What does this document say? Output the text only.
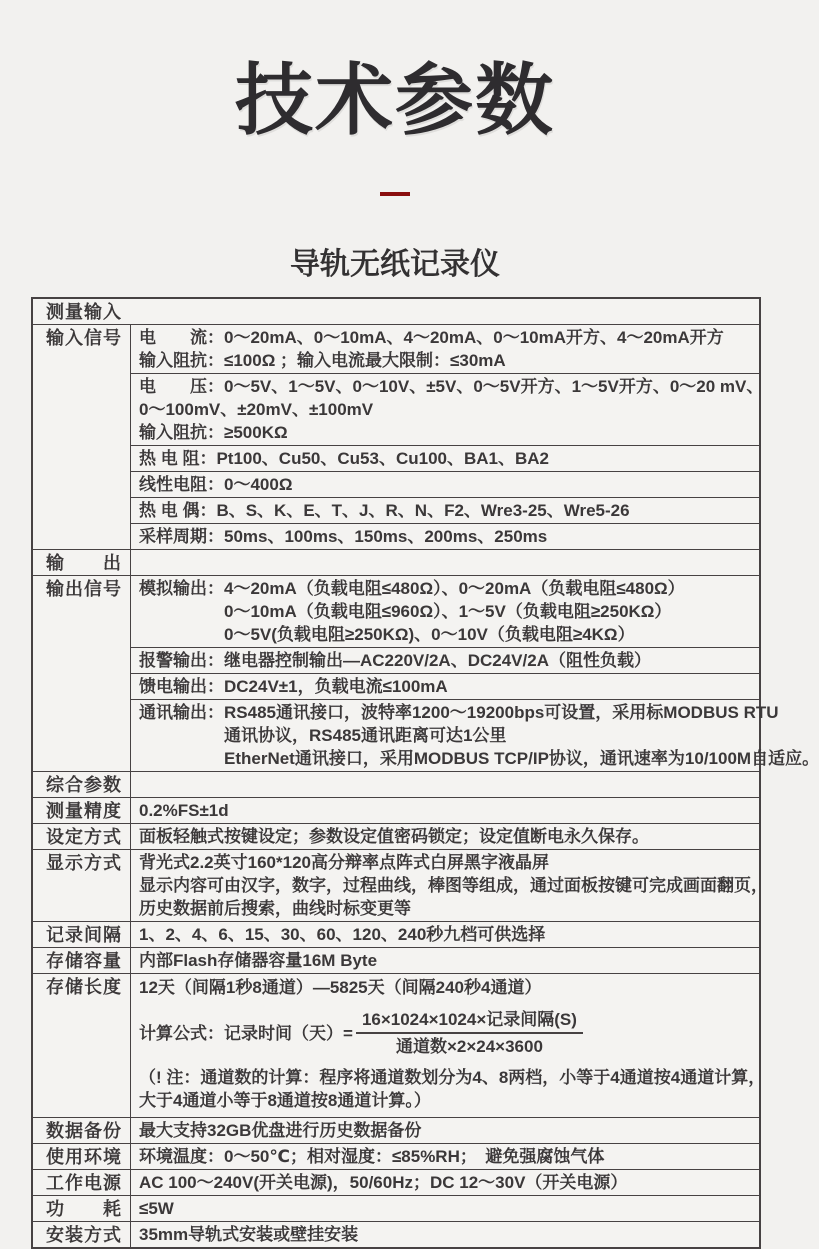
技术参数
导轨无纸记录仪
测量输入
输入信号	电　　流：0～20mA、0～10mA、4～20mA、0～10mA开方、4～20mA开方
输入阻抗：≤100Ω ；输入电流最大限制：≤30mA
电　　压：0～5V、1～5V、0～10V、±5V、0～5V开方、1～5V开方、0～20 mV、
0～100mV、±20mV、±100mV
输入阻抗：≥500KΩ
热 电 阻：Pt100、Cu50、Cu53、Cu100、BA1、BA2
线性电阻：0～400Ω
热 电 偶：B、S、K、E、T、J、R、N、F2、Wre3-25、Wre5-26
采样周期：50ms、100ms、150ms、200ms、250ms
输　　出
输出信号	模拟输出：4～20mA（负载电阻≤480Ω）、0～20mA（负载电阻≤480Ω）
　　　　　0～10mA（负载电阻≤960Ω）、1～5V（负载电阻≥250KΩ）
　　　　　0～5V(负载电阻≥250KΩ)、0～10V（负载电阻≥4KΩ）
报警输出：继电器控制输出—AC220V/2A、DC24V/2A（阻性负载）
馈电输出：DC24V±1，负载电流≤100mA
通讯输出：RS485通讯接口，波特率1200～19200bps可设置，采用标MODBUS RTU
　　　　　通讯协议，RS485通讯距离可达1公里
　　　　　EtherNet通讯接口，采用MODBUS TCP/IP协议，通讯速率为10/100M自适应。
综合参数
测量精度	0.2%FS±1d
设定方式	面板轻触式按键设定；参数设定值密码锁定；设定值断电永久保存。
显示方式	背光式2.2英寸160*120高分辩率点阵式白屏黑字液晶屏
显示内容可由汉字，数字，过程曲线，棒图等组成，通过面板按键可完成画面翻页，
历史数据前后搜索，曲线时标变更等
记录间隔	1、2、4、6、15、30、60、120、240秒九档可供选择
存储容量	内部Flash存储器容量16M Byte
存储长度	12天（间隔1秒8通道）—5825天（间隔240秒4通道）
计算公式：记录时间（天）= $\frac{\text{16×1024×1024×记录间隔(S)}}{\text{通道数×2×24×3600}}$
（! 注：通道数的计算：程序将通道数划分为4、8两档，小等于4通道按4通道计算，
大于4通道小等于8通道按8通道计算。）
数据备份	最大支持32GB优盘进行历史数据备份
使用环境	环境温度：0～50℃；相对湿度：≤85%RH；　避免强腐蚀气体
工作电源	AC 100～240V(开关电源)，50/60Hz；DC 12～30V（开关电源）
功　　耗	≤5W
安装方式	35mm导轨式安装或壁挂安装
